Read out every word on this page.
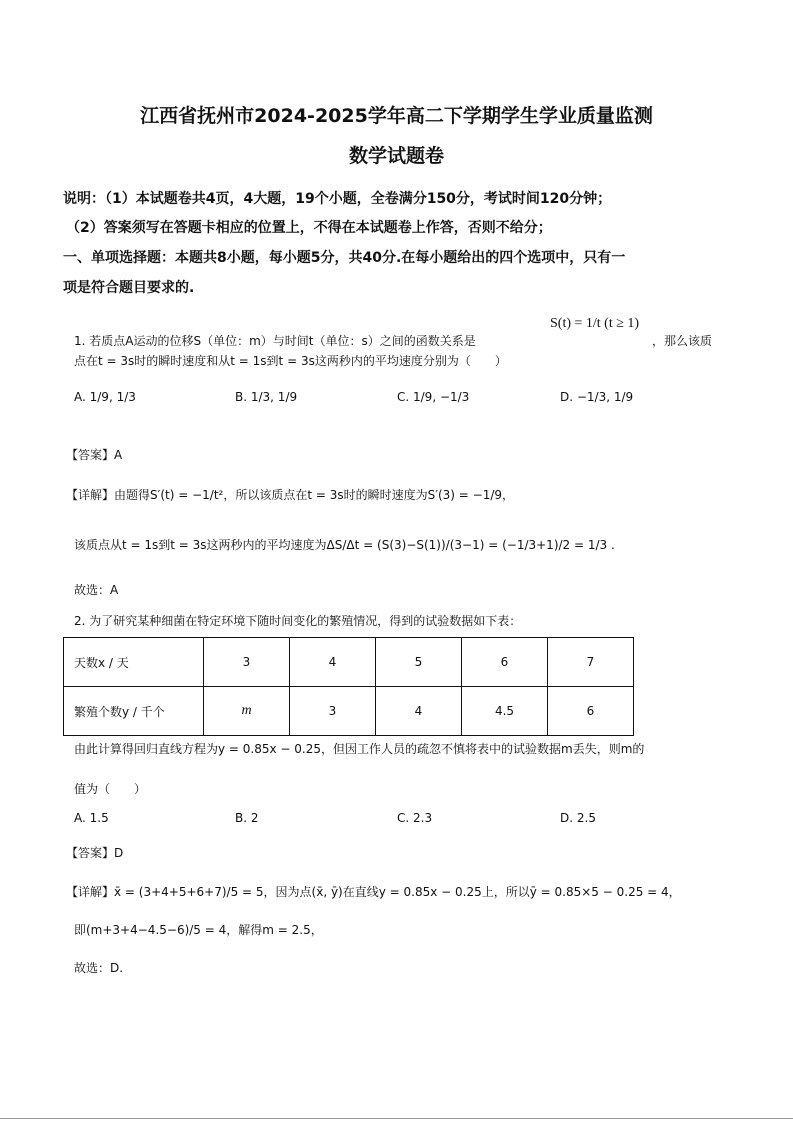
江西省抚州市2024-2025学年高二下学期学生学业质量监测
数学试题卷
说明：（1）本试题卷共4页，4大题，19个小题，全卷满分150分，考试时间120分钟；
（2）答案须写在答题卡相应的位置上，不得在本试题卷上作答，否则不给分；
一、单项选择题：本题共8小题，每小题5分，共40分.在每小题给出的四个选项中，只有一
项是符合题目要求的.
1. 若质点A运动的位移S（单位：m）与时间t（单位：s）之间的函数关系是
S(t) = 1/t (t ≥ 1)
，那么该质
点在t = 3s时的瞬时速度和从t = 1s到t = 3s这两秒内的平均速度分别为（　　）
A. 1/9, 1/3	B. 1/3, 1/9	C. 1/9, −1/3	D. −1/3, 1/9
【答案】A
【详解】由题得S′(t) = −1/t²，所以该质点在t = 3s时的瞬时速度为S′(3) = −1/9，
该质点从t = 1s到t = 3s这两秒内的平均速度为ΔS/Δt = (S(3)−S(1))/(3−1) = (−1/3+1)/2 = 1/3 .
故选：A
2. 为了研究某种细菌在特定环境下随时间变化的繁殖情况，得到的试验数据如下表：
天数x / 天	3	4	5	6	7
繁殖个数y / 千个	m	3	4	4.5	6
由此计算得回归直线方程为y = 0.85x − 0.25，但因工作人员的疏忽不慎将表中的试验数据m丢失，则m的
值为（　　）
A. 1.5	B. 2	C. 2.3	D. 2.5
【答案】D
【详解】x̄ = (3+4+5+6+7)/5 = 5，因为点(x̄, ȳ)在直线y = 0.85x − 0.25上，所以ȳ = 0.85×5 − 0.25 = 4，
即(m+3+4−4.5−6)/5 = 4，解得m = 2.5，
故选：D.
